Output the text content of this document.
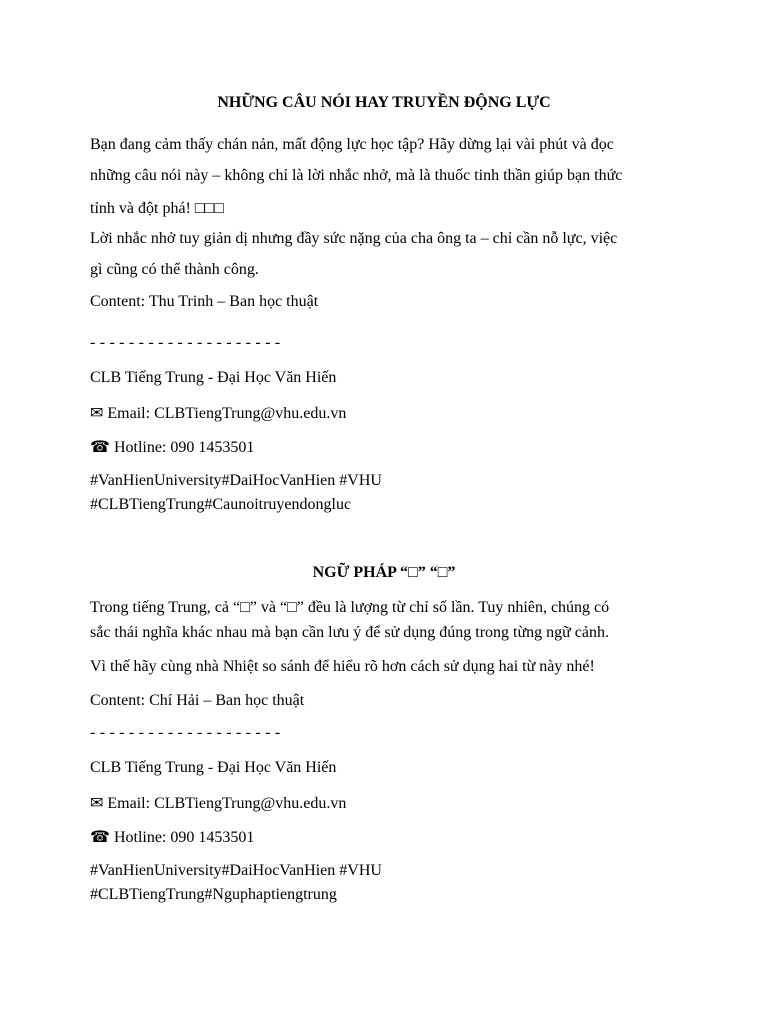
NHỮNG CÂU NÓI HAY TRUYỀN ĐỘNG LỰC
Bạn đang cảm thấy chán nản, mất động lực học tập? Hãy dừng lại vài phút và đọc
những câu nói này – không chỉ là lời nhắc nhở, mà là thuốc tinh thần giúp bạn thức
tỉnh và đột phá! □□□
Lời nhắc nhở tuy giản dị nhưng đầy sức nặng của cha ông ta – chỉ cần nỗ lực, việc
gì cũng có thể thành công.
Content: Thu Trinh – Ban học thuật
- - - - - - - - - - - - - - - - - - - -
CLB Tiếng Trung - Đại Học Văn Hiến
✉ Email: CLBTiengTrung@vhu.edu.vn
☎ Hotline: 090 1453501
#VanHienUniversity#DaiHocVanHien #VHU
#CLBTiengTrung#Caunoitruyendongluc
NGỮ PHÁP “□” “□”
Trong tiếng Trung, cả “□” và “□” đều là lượng từ chỉ số lần. Tuy nhiên, chúng có
sắc thái nghĩa khác nhau mà bạn cần lưu ý để sử dụng đúng trong từng ngữ cảnh.
Vì thế hãy cùng nhà Nhiệt so sánh để hiểu rõ hơn cách sử dụng hai từ này nhé!
Content: Chí Hải – Ban học thuật
- - - - - - - - - - - - - - - - - - - -
CLB Tiếng Trung - Đại Học Văn Hiến
✉ Email: CLBTiengTrung@vhu.edu.vn
☎ Hotline: 090 1453501
#VanHienUniversity#DaiHocVanHien #VHU
#CLBTiengTrung#Nguphaptiengtrung
